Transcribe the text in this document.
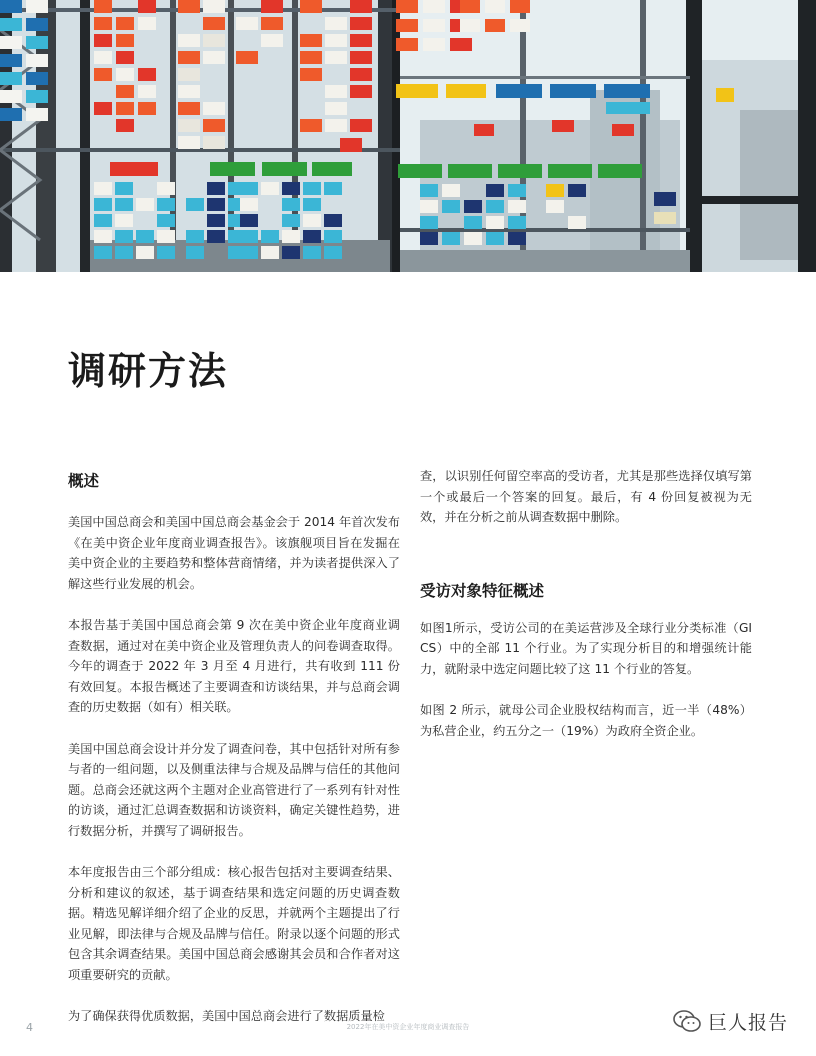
调研方法
概述

美国中国总商会和美国中国总商会基金会于 2014 年首次发布《在美中资企业年度商业调查报告》。该旗舰项目旨在发掘在美中资企业的主要趋势和整体营商情绪，并为读者提供深入了解这些行业发展的机会。

本报告基于美国中国总商会第 9 次在美中资企业年度商业调查数据，通过对在美中资企业及管理负责人的问卷调查取得。今年的调查于 2022 年 3 月至 4 月进行，共有收到 111 份有效回复。本报告概述了主要调查和访谈结果，并与总商会调查的历史数据（如有）相关联。

美国中国总商会设计并分发了调查问卷，其中包括针对所有参与者的一组问题，以及侧重法律与合规及品牌与信任的其他问题。总商会还就这两个主题对企业高管进行了一系列有针对性的访谈，通过汇总调查数据和访谈资料，确定关键性趋势，进行数据分析，并撰写了调研报告。

本年度报告由三个部分组成：核心报告包括对主要调查结果、分析和建议的叙述，基于调查结果和选定问题的历史调查数据。精选见解详细介绍了企业的反思，并就两个主题提出了行业见解，即法律与合规及品牌与信任。附录以逐个问题的形式包含其余调查结果。美国中国总商会感谢其会员和合作者对这项重要研究的贡献。

为了确保获得优质数据，美国中国总商会进行了数据质量检

查，以识别任何留空率高的受访者，尤其是那些选择仅填写第一个或最后一个答案的回复。最后，有 4 份回复被视为无效，并在分析之前从调查数据中删除。

受访对象特征概述

如图1所示，受访公司的在美运营涉及全球行业分类标准（GICS）中的全部 11 个行业。为了实现分析目的和增强统计能力，就附录中选定问题比较了这 11 个行业的答复。

如图 2 所示，就母公司企业股权结构而言，近一半（48%）为私营企业，约五分之一（19%）为政府全资企业。

4	2022年在美中资企业年度商业调查报告	巨人报告
